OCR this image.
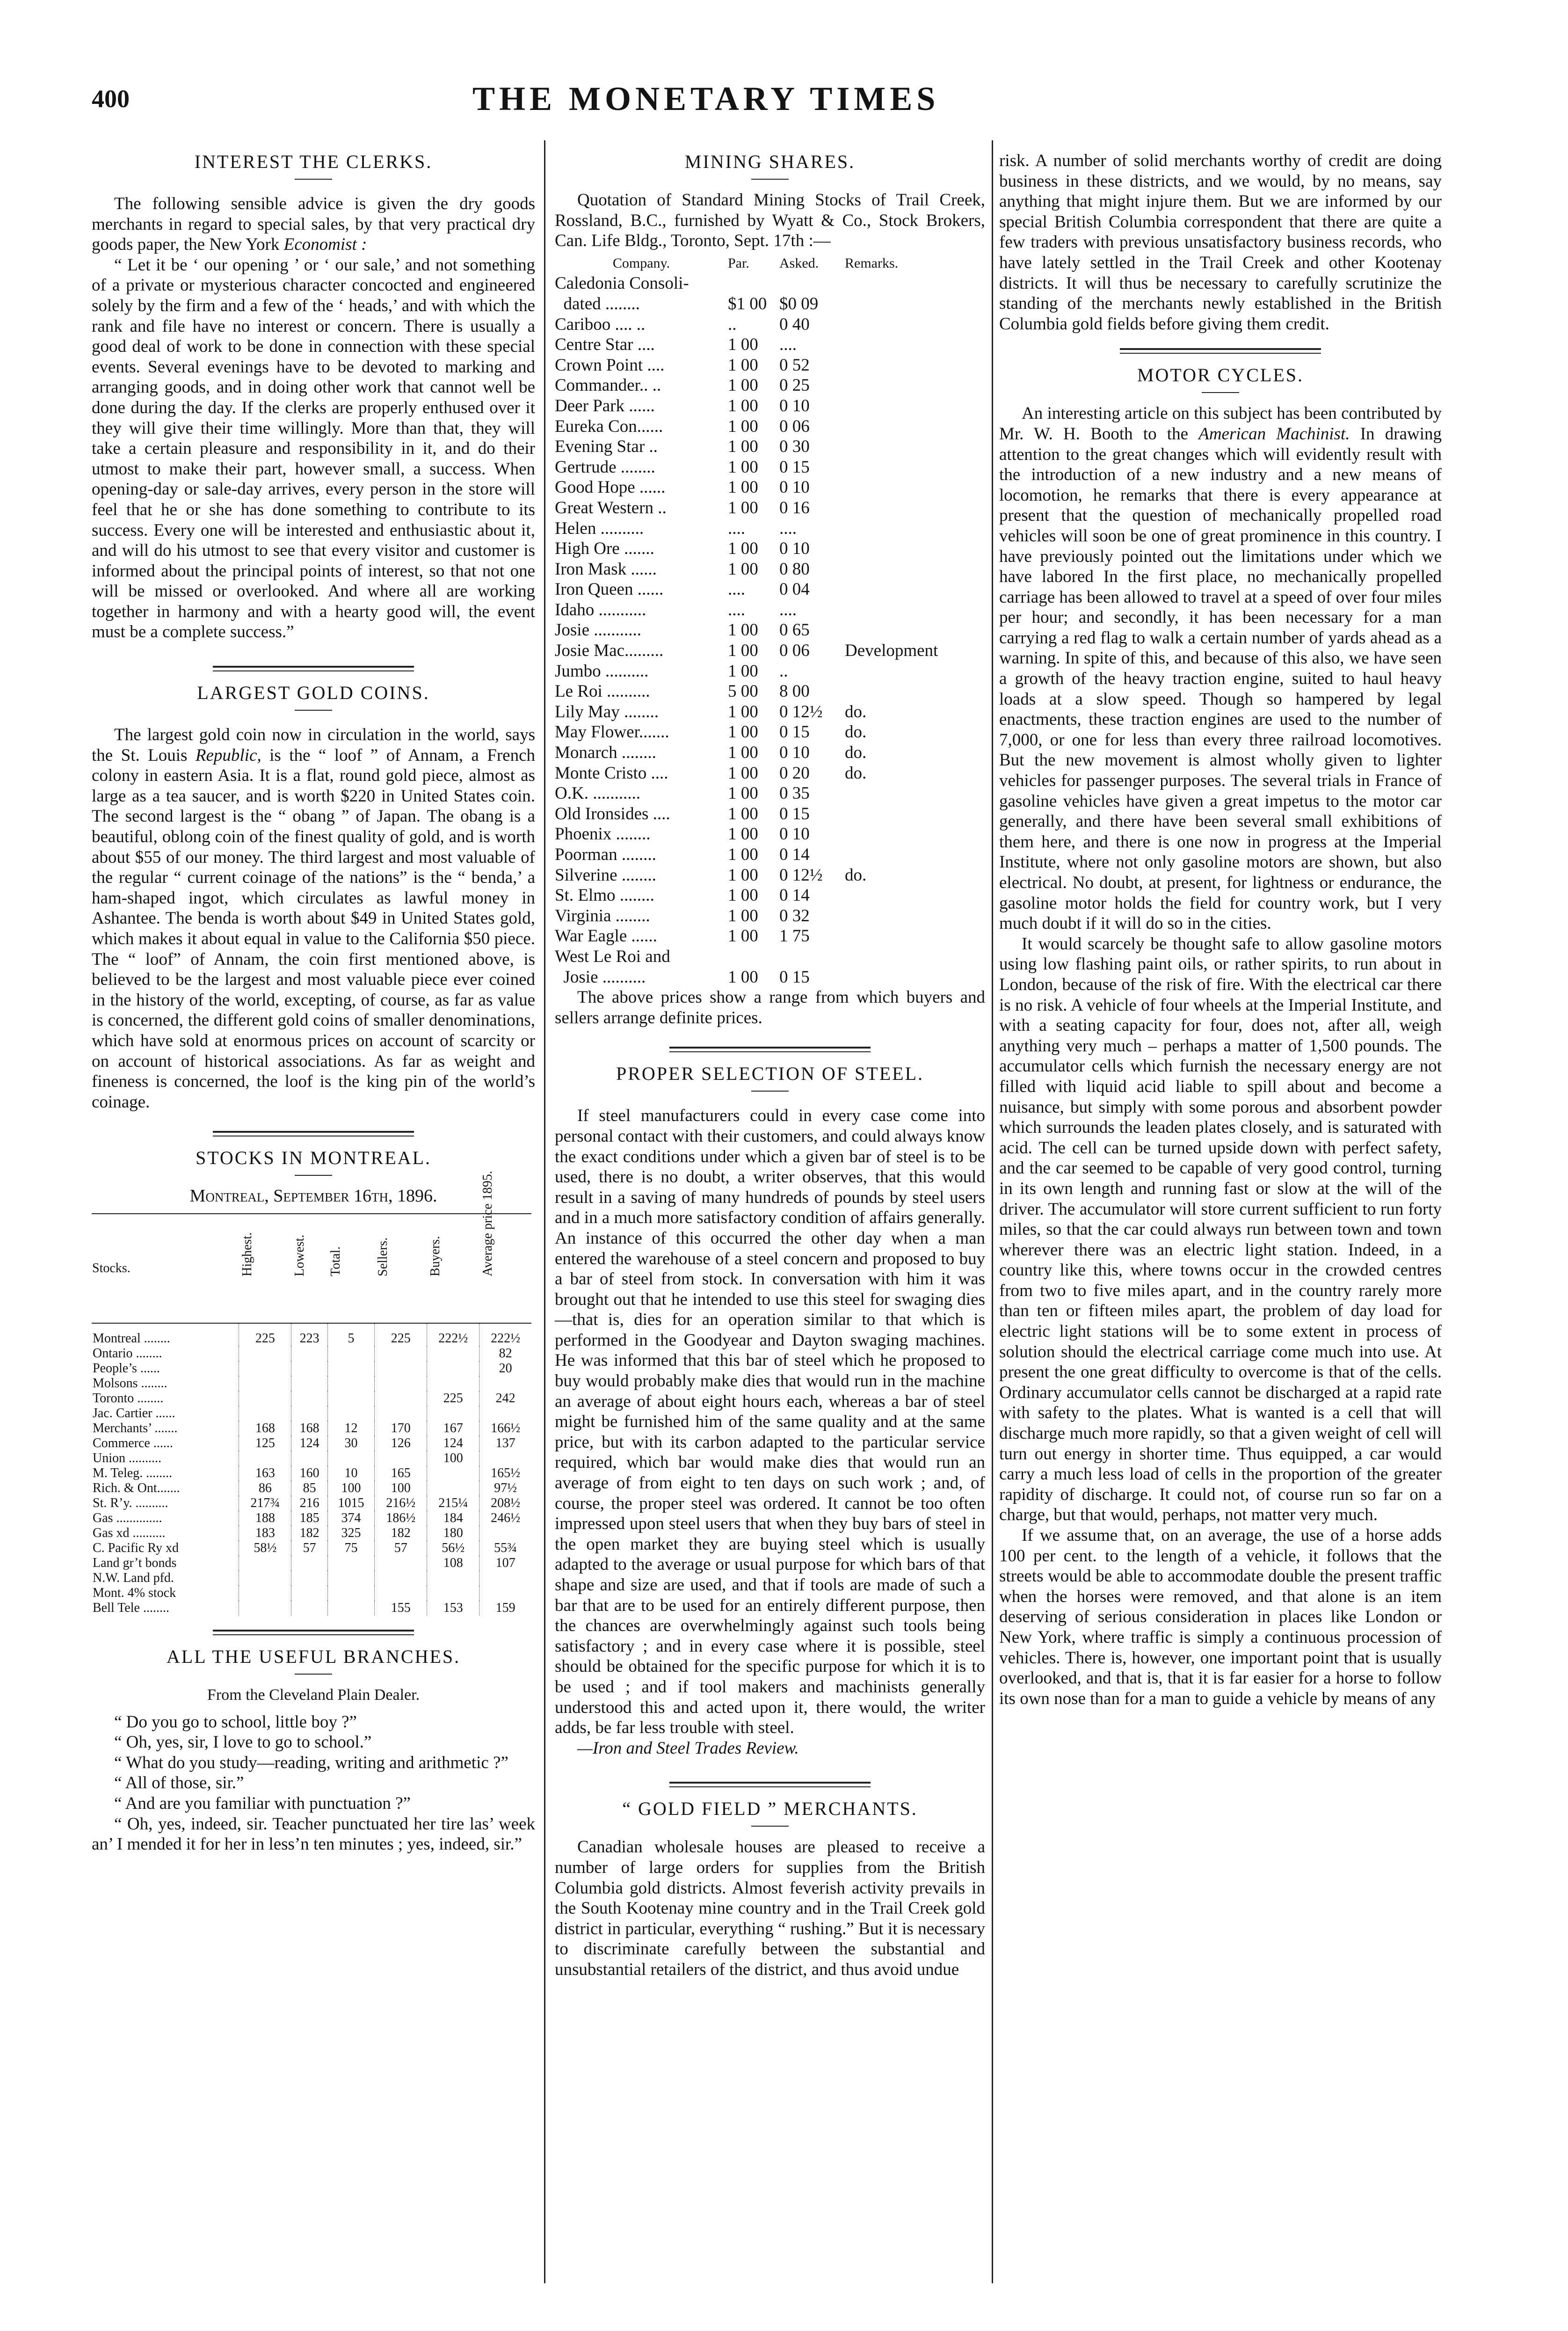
400	THE MONETARY TIMES
INTEREST THE CLERKS.

The following sensible advice is given the dry goods merchants in regard to special sales, by that very practical dry goods paper, the New York Economist :

“ Let it be ‘ our opening ’ or ‘ our sale,’ and not something of a private or mysterious character concocted and engineered solely by the firm and a few of the ‘ heads,’ and with which the rank and file have no interest or concern. There is usually a good deal of work to be done in connection with these special events. Several evenings have to be devoted to marking and arranging goods, and in doing other work that cannot well be done during the day. If the clerks are properly enthused over it they will give their time willingly. More than that, they will take a certain pleasure and responsibility in it, and do their utmost to make their part, however small, a success. When opening-day or sale-day arrives, every person in the store will feel that he or she has done something to contribute to its success. Every one will be interested and enthusiastic about it, and will do his utmost to see that every visitor and customer is informed about the principal points of interest, so that not one will be missed or overlooked. And where all are working together in harmony and with a hearty good will, the event must be a complete success.”

LARGEST GOLD COINS.

The largest gold coin now in circulation in the world, says the St. Louis Republic, is the “ loof ” of Annam, a French colony in eastern Asia. It is a flat, round gold piece, almost as large as a tea saucer, and is worth $220 in United States coin. The second largest is the “ obang ” of Japan. The obang is a beautiful, oblong coin of the finest quality of gold, and is worth about $55 of our money. The third largest and most valuable of the regular “ current coinage of the nations” is the “ benda,’ a ham-shaped ingot, which circulates as lawful money in Ashantee. The benda is worth about $49 in United States gold, which makes it about equal in value to the California $50 piece. The “ loof” of Annam, the coin first mentioned above, is believed to be the largest and most valuable piece ever coined in the history of the world, excepting, of course, as far as value is concerned, the different gold coins of smaller denominations, which have sold at enormous prices on account of scarcity or on account of historical associations. As far as weight and fineness is concerned, the loof is the king pin of the world’s coinage.

STOCKS IN MONTREAL.
Montreal, September 16th, 1896.
Stocks.	Highest.	Lowest.	Total.	Sellers.	Buyers.	Average price 1895.
Montreal ........	225	223	5	225	222½	222½
Ontario ........						82
People’s ......						20
Molsons ........						
Toronto ........					225	242
Jac. Cartier ......						
Merchants’ .......	168	168	12	170	167	166½
Commerce ......	125	124	30	126	124	137
Union ..........					100	
M. Teleg. ........	163	160	10	165		165½
Rich. & Ont.......	86	85	100	100		97½
St. R’y. ..........	217¾	216	1015	216½	215¼	208½
Gas ..............	188	185	374	186½	184	246½
Gas xd ..........	183	182	325	182	180	
C. Pacific Ry xd	58½	57	75	57	56½	55¾
Land gr’t bonds					108	107
N.W. Land pfd.						
Mont. 4% stock						
Bell Tele ........				155	153	159
ALL THE USEFUL BRANCHES.
From the Cleveland Plain Dealer.

“ Do you go to school, little boy ?”

“ Oh, yes, sir, I love to go to school.”

“ What do you study—reading, writing and arithmetic ?”

“ All of those, sir.”

“ And are you familiar with punctuation ?”

“ Oh, yes, indeed, sir. Teacher punctuated her tire las’ week an’ I mended it for her in less’n ten minutes ; yes, indeed, sir.”

MINING SHARES.

Quotation of Standard Mining Stocks of Trail Creek, Rossland, B.C., furnished by Wyatt & Co., Stock Brokers, Can. Life Bldg., Toronto, Sept. 17th :—

Company.	Par.	Asked.	Remarks.
Caledonia Consoli-
dated ........	$1 00 $0 09
Cariboo .... ..	..	0 40
Centre Star ....	1 00	....
Crown Point ....	1 00	0 52
Commander.. ..	1 00	0 25
Deer Park ......	1 00	0 10
Eureka Con......	1 00	0 06
Evening Star ..	1 00	0 30
Gertrude ........	1 00	0 15
Good Hope ......	1 00	0 10
Great Western ..	1 00	0 16
Helen ..........	....	....
High Ore .......	1 00	0 10
Iron Mask ......	1 00	0 80
Iron Queen ......	....	0 04
Idaho ...........	....	....
Josie ...........	1 00	0 65
Josie Mac.........	1 00	0 06	Development
Jumbo ..........	1 00	..
Le Roi ..........	5 00	8 00
Lily May ........	1 00	0 12½	do.
May Flower.......	1 00	0 15	do.
Monarch ........	1 00	0 10	do.
Monte Cristo ....	1 00	0 20	do.
O.K. ...........	1 00	0 35
Old Ironsides ....	1 00	0 15
Phoenix ........	1 00	0 10
Poorman ........	1 00	0 14
Silverine ........	1 00	0 12½	do.
St. Elmo ........	1 00	0 14
Virginia ........	1 00	0 32
War Eagle ......	1 00	1 75
West Le Roi and
Josie ..........	1 00	0 15

The above prices show a range from which buyers and sellers arrange definite prices.

PROPER SELECTION OF STEEL.

If steel manufacturers could in every case come into personal contact with their customers, and could always know the exact conditions under which a given bar of steel is to be used, there is no doubt, a writer observes, that this would result in a saving of many hundreds of pounds by steel users and in a much more satisfactory condition of affairs generally. An instance of this occurred the other day when a man entered the warehouse of a steel concern and proposed to buy a bar of steel from stock. In conversation with him it was brought out that he intended to use this steel for swaging dies—that is, dies for an operation similar to that which is performed in the Goodyear and Dayton swaging machines. He was informed that this bar of steel which he proposed to buy would probably make dies that would run in the machine an average of about eight hours each, whereas a bar of steel might be furnished him of the same quality and at the same price, but with its carbon adapted to the particular service required, which bar would make dies that would run an average of from eight to ten days on such work ; and, of course, the proper steel was ordered. It cannot be too often impressed upon steel users that when they buy bars of steel in the open market they are buying steel which is usually adapted to the average or usual purpose for which bars of that shape and size are used, and that if tools are made of such a bar that are to be used for an entirely different purpose, then the chances are overwhelmingly against such tools being satisfactory ; and in every case where it is possible, steel should be obtained for the specific purpose for which it is to be used ; and if tool makers and machinists generally understood this and acted upon it, there would, the writer adds, be far less trouble with steel.

—Iron and Steel Trades Review.

“ GOLD FIELD ” MERCHANTS.

Canadian wholesale houses are pleased to receive a number of large orders for supplies from the British Columbia gold districts. Almost feverish activity prevails in the South Kootenay mine country and in the Trail Creek gold district in particular, everything “ rushing.” But it is necessary to discriminate carefully between the substantial and unsubstantial retailers of the district, and thus avoid undue

risk. A number of solid merchants worthy of credit are doing business in these districts, and we would, by no means, say anything that might injure them. But we are informed by our special British Columbia correspondent that there are quite a few traders with previous unsatisfactory business records, who have lately settled in the Trail Creek and other Kootenay districts. It will thus be necessary to carefully scrutinize the standing of the merchants newly established in the British Columbia gold fields before giving them credit.

MOTOR CYCLES.

An interesting article on this subject has been contributed by Mr. W. H. Booth to the American Machinist. In drawing attention to the great changes which will evidently result with the introduction of a new industry and a new means of locomotion, he remarks that there is every appearance at present that the question of mechanically propelled road vehicles will soon be one of great prominence in this country. I have previously pointed out the limitations under which we have labored In the first place, no mechanically propelled carriage has been allowed to travel at a speed of over four miles per hour; and secondly, it has been necessary for a man carrying a red flag to walk a certain number of yards ahead as a warning. In spite of this, and because of this also, we have seen a growth of the heavy traction engine, suited to haul heavy loads at a slow speed. Though so hampered by legal enactments, these traction engines are used to the number of 7,000, or one for less than every three railroad locomotives. But the new movement is almost wholly given to lighter vehicles for passenger purposes. The several trials in France of gasoline vehicles have given a great impetus to the motor car generally, and there have been several small exhibitions of them here, and there is one now in progress at the Imperial Institute, where not only gasoline motors are shown, but also electrical. No doubt, at present, for lightness or endurance, the gasoline motor holds the field for country work, but I very much doubt if it will do so in the cities.

It would scarcely be thought safe to allow gasoline motors using low flashing paint oils, or rather spirits, to run about in London, because of the risk of fire. With the electrical car there is no risk. A vehicle of four wheels at the Imperial Institute, and with a seating capacity for four, does not, after all, weigh anything very much – perhaps a matter of 1,500 pounds. The accumulator cells which furnish the necessary energy are not filled with liquid acid liable to spill about and become a nuisance, but simply with some porous and absorbent powder which surrounds the leaden plates closely, and is saturated with acid. The cell can be turned upside down with perfect safety, and the car seemed to be capable of very good control, turning in its own length and running fast or slow at the will of the driver. The accumulator will store current sufficient to run forty miles, so that the car could always run between town and town wherever there was an electric light station. Indeed, in a country like this, where towns occur in the crowded centres from two to five miles apart, and in the country rarely more than ten or fifteen miles apart, the problem of day load for electric light stations will be to some extent in process of solution should the electrical carriage come much into use. At present the one great difficulty to overcome is that of the cells. Ordinary accumulator cells cannot be discharged at a rapid rate with safety to the plates. What is wanted is a cell that will discharge much more rapidly, so that a given weight of cell will turn out energy in shorter time. Thus equipped, a car would carry a much less load of cells in the proportion of the greater rapidity of discharge. It could not, of course run so far on a charge, but that would, perhaps, not matter very much.

If we assume that, on an average, the use of a horse adds 100 per cent. to the length of a vehicle, it follows that the streets would be able to accommodate double the present traffic when the horses were removed, and that alone is an item deserving of serious consideration in places like London or New York, where traffic is simply a continuous procession of vehicles. There is, however, one important point that is usually overlooked, and that is, that it is far easier for a horse to follow its own nose than for a man to guide a vehicle by means of any
